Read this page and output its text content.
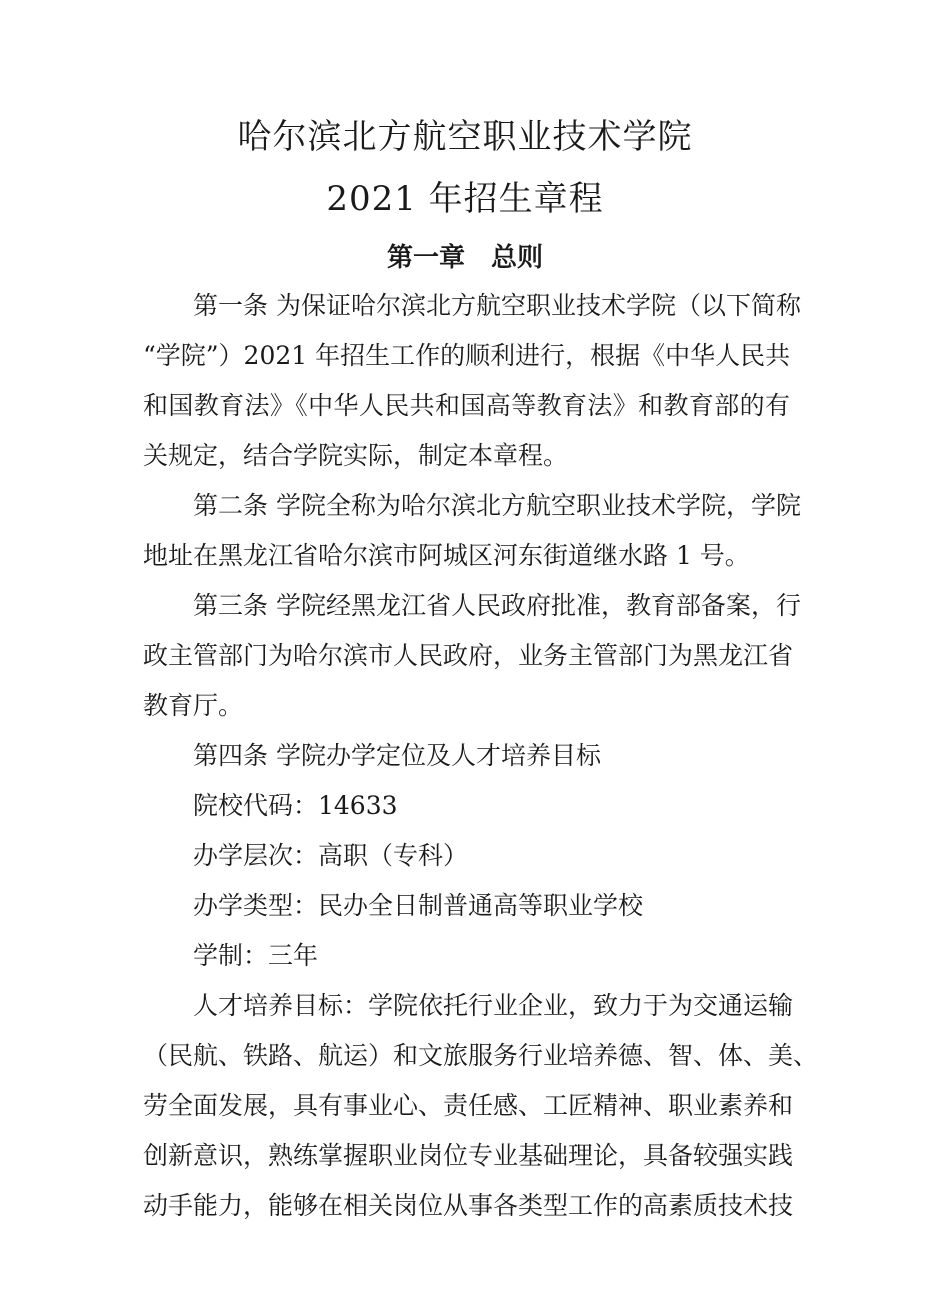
哈尔滨北方航空职业技术学院
2021 年招生章程
第一章　总则
第一条 为保证哈尔滨北方航空职业技术学院（以下简称
“学院”）2021 年招生工作的顺利进行，根据《中华人民共
和国教育法》《中华人民共和国高等教育法》和教育部的有
关规定，结合学院实际，制定本章程。
第二条 学院全称为哈尔滨北方航空职业技术学院，学院
地址在黑龙江省哈尔滨市阿城区河东街道继水路 1 号。
第三条 学院经黑龙江省人民政府批准，教育部备案，行
政主管部门为哈尔滨市人民政府，业务主管部门为黑龙江省
教育厅。
第四条 学院办学定位及人才培养目标
院校代码：14633
办学层次：高职（专科）
办学类型：民办全日制普通高等职业学校
学制：三年
人才培养目标：学院依托行业企业，致力于为交通运输
（民航、铁路、航运）和文旅服务行业培养德、智、体、美、
劳全面发展，具有事业心、责任感、工匠精神、职业素养和
创新意识，熟练掌握职业岗位专业基础理论，具备较强实践
动手能力，能够在相关岗位从事各类型工作的高素质技术技
